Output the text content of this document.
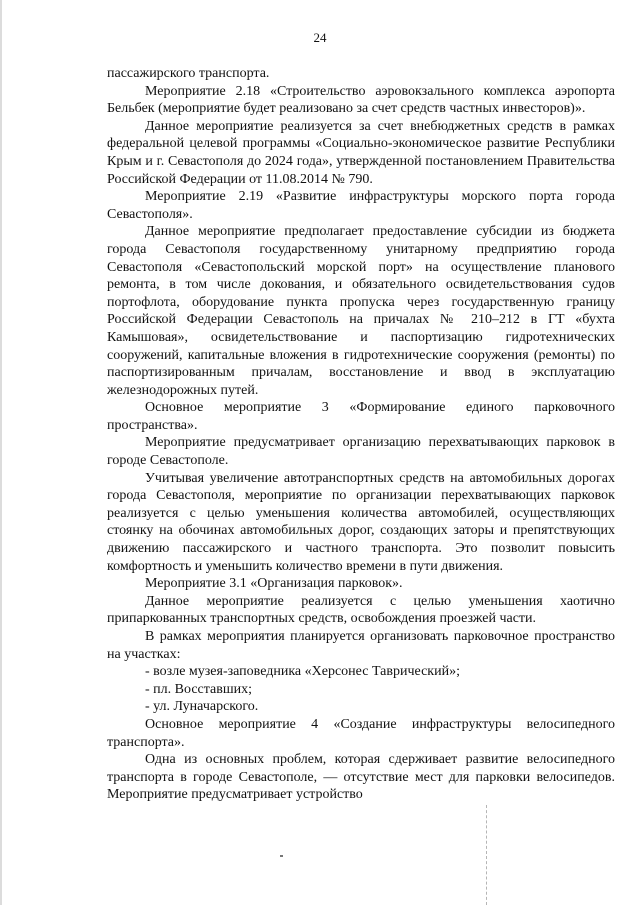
24

пассажирского транспорта.

Мероприятие 2.18 «Строительство аэровокзального комплекса аэропорта Бельбек (мероприятие будет реализовано за счет средств частных инвесторов)».

Данное мероприятие реализуется за счет внебюджетных средств в рамках федеральной целевой программы «Социально-экономическое развитие Республики Крым и г. Севастополя до 2024 года», утвержденной постановлением Правительства Российской Федерации от 11.08.2014 № 790.

Мероприятие 2.19 «Развитие инфраструктуры морского порта города Севастополя».

Данное мероприятие предполагает предоставление субсидии из бюджета города Севастополя государственному унитарному предприятию города Севастополя «Севастопольский морской порт» на осуществление планового ремонта, в том числе докования, и обязательного освидетельствования судов портофлота, оборудование пункта пропуска через государственную границу Российской Федерации Севастополь на причалах № 210–212 в ГТ «бухта Камышовая», освидетельствование и паспортизацию гидротехнических сооружений, капитальные вложения в гидротехнические сооружения (ремонты) по паспортизированным причалам, восстановление и ввод в эксплуатацию железнодорожных путей.

Основное мероприятие 3 «Формирование единого парковочного пространства».

Мероприятие предусматривает организацию перехватывающих парковок в городе Севастополе.

Учитывая увеличение автотранспортных средств на автомобильных дорогах города Севастополя, мероприятие по организации перехватывающих парковок реализуется с целью уменьшения количества автомобилей, осуществляющих стоянку на обочинах автомобильных дорог, создающих заторы и препятствующих движению пассажирского и частного транспорта. Это позволит повысить комфортность и уменьшить количество времени в пути движения.

Мероприятие 3.1 «Организация парковок».

Данное мероприятие реализуется с целью уменьшения хаотично припаркованных транспортных средств, освобождения проезжей части.

В рамках мероприятия планируется организовать парковочное пространство на участках:

- возле музея-заповедника «Херсонес Таврический»;

- пл. Восставших;

- ул. Луначарского.

Основное мероприятие 4 «Создание инфраструктуры велосипедного транспорта».

Одна из основных проблем, которая сдерживает развитие велосипедного транспорта в городе Севастополе, — отсутствие мест для парковки велосипедов. Мероприятие предусматривает устройство
